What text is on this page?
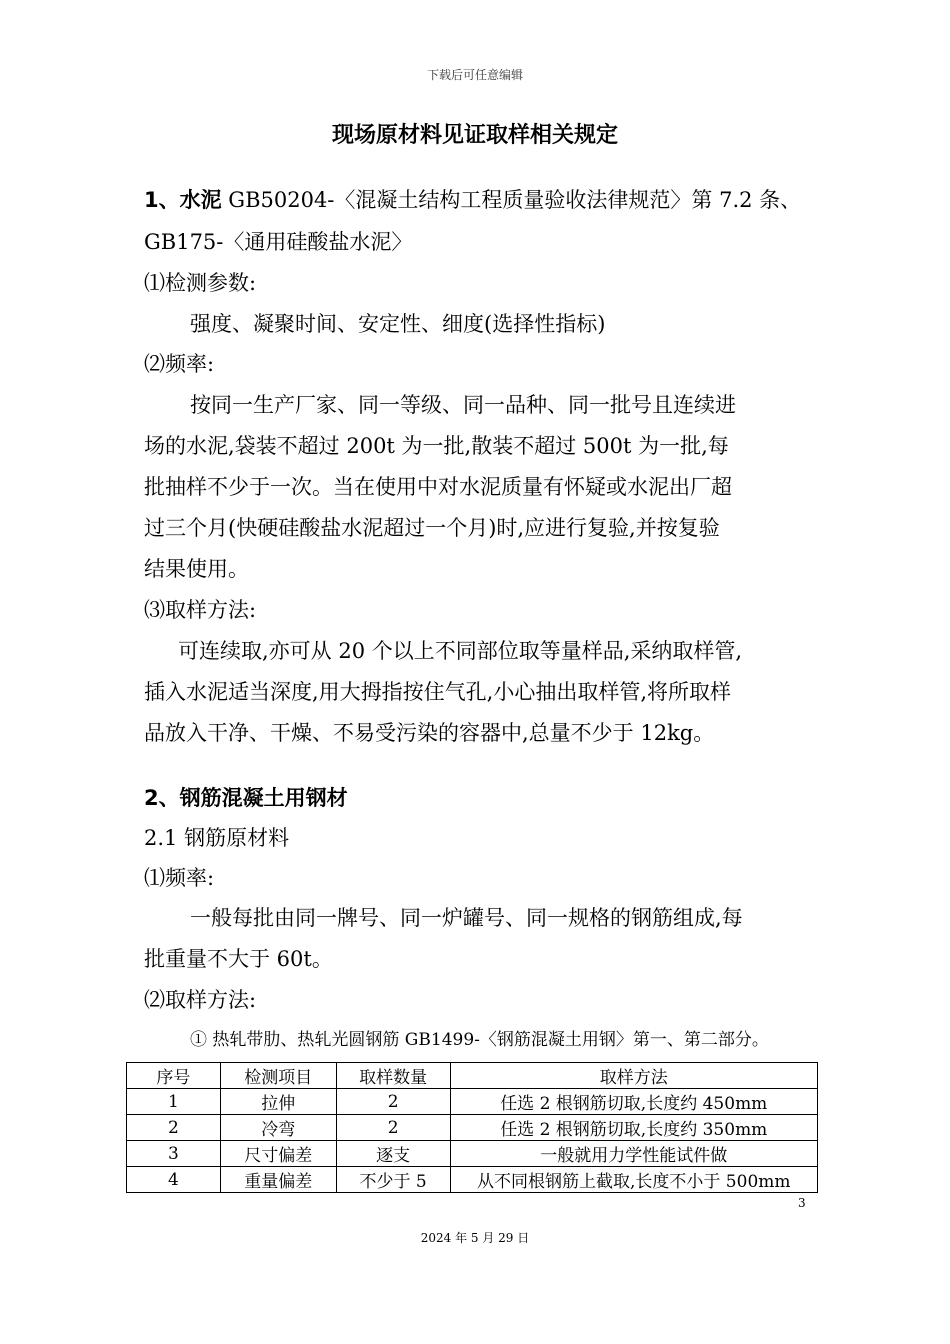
下载后可任意编辑
现场原材料见证取样相关规定
1、水泥 GB50204-〈混凝土结构工程质量验收法律规范〉第 7.2 条、
GB175-〈通用硅酸盐水泥〉
⑴检测参数:
强度、凝聚时间、安定性、细度(选择性指标)
⑵频率:
按同一生产厂家、同一等级、同一品种、同一批号且连续进
场的水泥,袋装不超过 200t 为一批,散装不超过 500t 为一批,每
批抽样不少于一次。当在使用中对水泥质量有怀疑或水泥出厂超
过三个月(快硬硅酸盐水泥超过一个月)时,应进行复验,并按复验
结果使用。
⑶取样方法:
可连续取,亦可从 20 个以上不同部位取等量样品,采纳取样管,
插入水泥适当深度,用大拇指按住气孔,小心抽出取样管,将所取样
品放入干净、干燥、不易受污染的容器中,总量不少于 12kg。
2、钢筋混凝土用钢材
2.1 钢筋原材料
⑴频率:
一般每批由同一牌号、同一炉罐号、同一规格的钢筋组成,每
批重量不大于 60t。
⑵取样方法:
① 热轧带肋、热轧光圆钢筋 GB1499-〈钢筋混凝土用钢〉第一、第二部分。
序号	检测项目	取样数量	取样方法
1	拉伸	2	任选 2 根钢筋切取,长度约 450mm
2	冷弯	2	任选 2 根钢筋切取,长度约 350mm
3	尺寸偏差	逐支	一般就用力学性能试件做
4	重量偏差	不少于 5	从不同根钢筋上截取,长度不小于 500mm
3
2024 年 5 月 29 日
